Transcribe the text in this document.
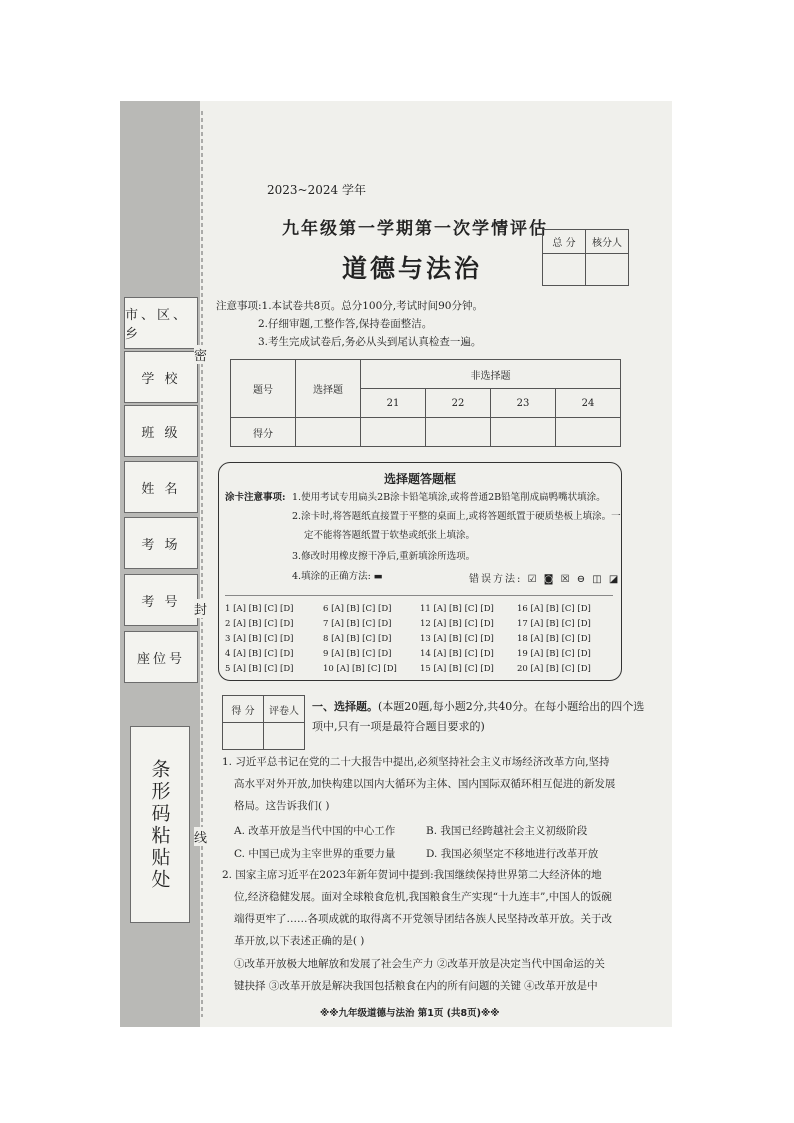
市、区、乡
学 校
班 级
姓 名
考 场
考 号
座位号
条形码粘贴处
密
封
线
2023~2024 学年
九年级第一学期第一次学情评估
道德与法治
总 分	核分人

注意事项:1.本试卷共8页。总分100分,考试时间90分钟。
2.仔细审题,工整作答,保持卷面整洁。
3.考生完成试卷后,务必从头到尾认真检查一遍。
题号	选择题	非选择题			
		21	22	23	24
得分					
选择题答题框
涂卡注意事项: 1.使用考试专用扁头2B涂卡铅笔填涂,或将普通2B铅笔削成扁鸭嘴状填涂。
2.涂卡时,将答题纸直接置于平整的桌面上,或将答题纸置于硬质垫板上填涂。一
定不能将答题纸置于软垫或纸张上填涂。
3.修改时用橡皮擦干净后,重新填涂所选项。
4.填涂的正确方法: ▬	错误方法: ☑ ◙ ☒ ⊖ ◫ ◪
1 [A] [B] [C] [D]
2 [A] [B] [C] [D]
3 [A] [B] [C] [D]
4 [A] [B] [C] [D]
5 [A] [B] [C] [D]
6 [A] [B] [C] [D]
7 [A] [B] [C] [D]
8 [A] [B] [C] [D]
9 [A] [B] [C] [D]
10 [A] [B] [C] [D]
11 [A] [B] [C] [D]
12 [A] [B] [C] [D]
13 [A] [B] [C] [D]
14 [A] [B] [C] [D]
15 [A] [B] [C] [D]
16 [A] [B] [C] [D]
17 [A] [B] [C] [D]
18 [A] [B] [C] [D]
19 [A] [B] [C] [D]
20 [A] [B] [C] [D]
得 分	评卷人
	一、选择题。(本题20题,每小题2分,共40分。在每小题给出的四个选项中,只有一项是最符合题目要求的)
1. 习近平总书记在党的二十大报告中提出,必须坚持社会主义市场经济改革方向,坚持
高水平对外开放,加快构建以国内大循环为主体、国内国际双循环相互促进的新发展
格局。这告诉我们( )
A. 改革开放是当代中国的中心工作	B. 我国已经跨越社会主义初级阶段
C. 中国已成为主宰世界的重要力量	D. 我国必须坚定不移地进行改革开放
2. 国家主席习近平在2023年新年贺词中提到:我国继续保持世界第二大经济体的地
位,经济稳健发展。面对全球粮食危机,我国粮食生产实现“十九连丰”,中国人的饭碗
端得更牢了……各项成就的取得离不开党领导团结各族人民坚持改革开放。关于改
革开放,以下表述正确的是( )
①改革开放极大地解放和发展了社会生产力 ②改革开放是决定当代中国命运的关
键抉择 ③改革开放是解决我国包括粮食在内的所有问题的关键 ④改革开放是中
※※九年级道德与法治 第1页 (共8页)※※
